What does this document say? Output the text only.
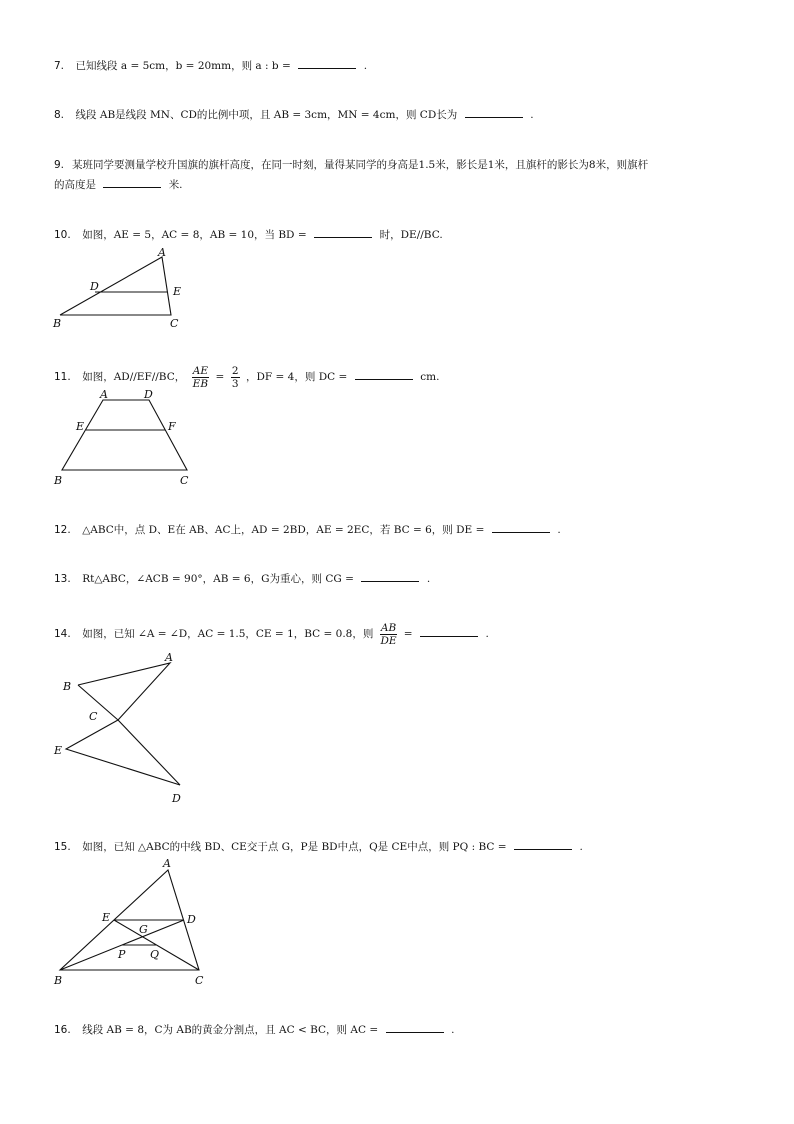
7. 已知线段 a = 5cm，b = 20mm，则 a : b =	.
8. 线段 AB是线段 MN、CD的比例中项，且 AB = 3cm，MN = 4cm，则 CD长为	.
9. 某班同学要测量学校升国旗的旗杆高度，在同一时刻，量得某同学的身高是1.5米，影长是1米，且旗杆的影长为8米，则旗杆
的高度是	米.
10. 如图，AE = 5，AC = 8，AB = 10，当 BD =	时，DE//BC.
A
B	C
D	E
11. 如图，AD//EF//BC， $\frac{AE}{EB} = \frac{2}{3}$ ，DF = 4，则 DC =	cm.
A	D
E	F
B	C
12. △ABC中，点 D、E在 AB、AC上，AD = 2BD，AE = 2EC，若 BC = 6，则 DE =	.
13. Rt△ABC，∠ACB = 90°，AB = 6，G为重心，则 CG =	.
14. 如图，已知 ∠A = ∠D，AC = 1.5，CE = 1，BC = 0.8，则 $\frac{AB}{DE}$ =	.
A
B
C
E
D
15. 如图，已知 △ABC的中线 BD、CE交于点 G，P是 BD中点，Q是 CE中点，则 PQ : BC =	.
A
E	D
G
P Q
B	C
16. 线段 AB = 8，C为 AB的黄金分割点，且 AC < BC，则 AC =	.
